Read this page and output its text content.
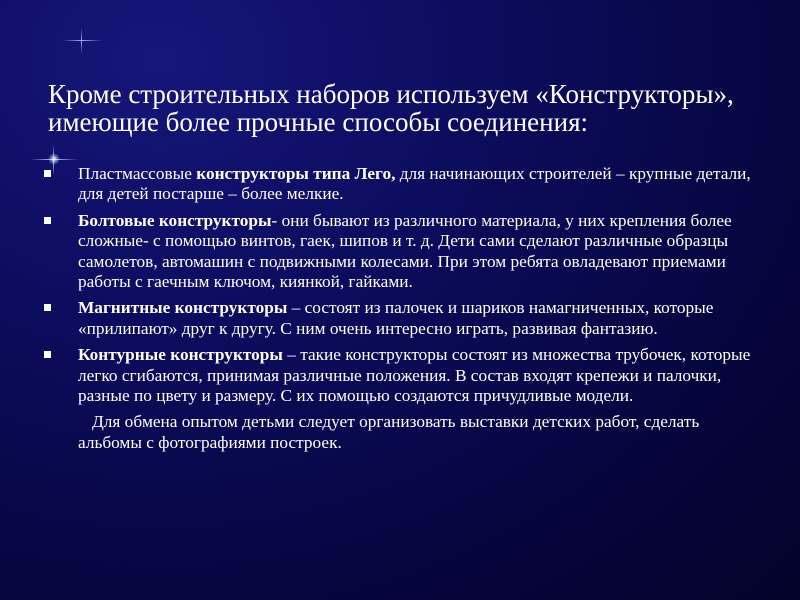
Кроме строительных наборов используем «Конструкторы», имеющие более прочные способы соединения:
Пластмассовые конструкторы типа Лего, для начинающих строителей – крупные детали, для детей постарше – более мелкие.
Болтовые конструкторы- они бывают из различного материала, у них крепления более сложные- с помощью винтов, гаек, шипов и т. д. Дети сами сделают различные образцы самолетов, автомашин с подвижными колесами. При этом ребята овладевают приемами работы с гаечным ключом, киянкой, гайками.
Магнитные конструкторы – состоят из палочек и шариков намагниченных, которые «прилипают» друг к другу. С ним очень интересно играть, развивая фантазию.
Контурные конструкторы – такие конструкторы состоят из множества трубочек, которые легко сгибаются, принимая различные положения. В состав входят крепежи и палочки, разные по цвету и размеру. С их помощью создаются причудливые модели.
Для обмена опытом детьми следует организовать выставки детских работ, сделать альбомы с фотографиями построек.
